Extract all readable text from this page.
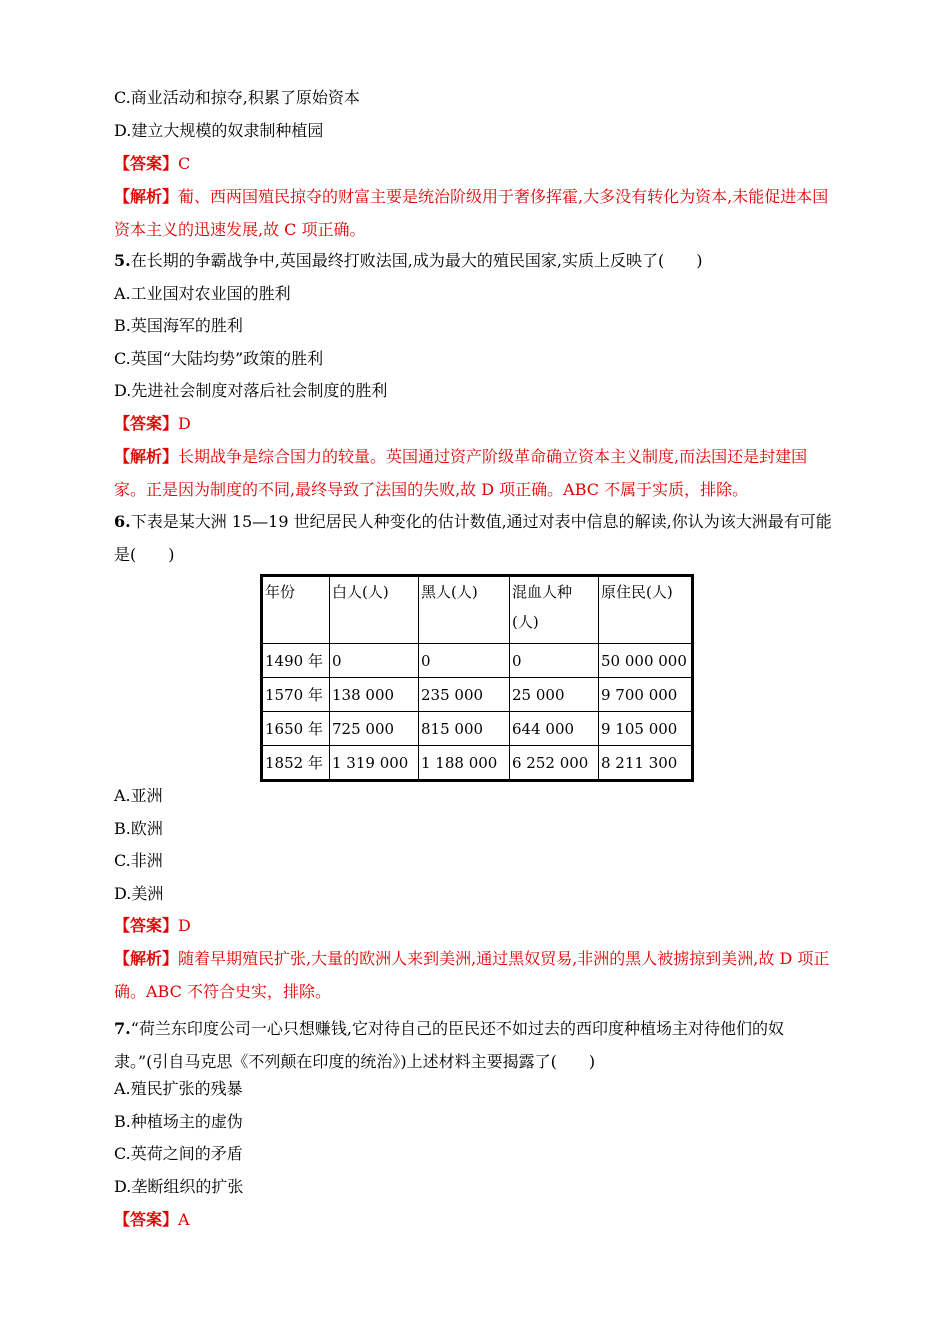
C.商业活动和掠夺,积累了原始资本
D.建立大规模的奴隶制种植园
【答案】C
【解析】葡、西两国殖民掠夺的财富主要是统治阶级用于奢侈挥霍,大多没有转化为资本,未能促进本国资本主义的迅速发展,故 C 项正确。
5.在长期的争霸战争中,英国最终打败法国,成为最大的殖民国家,实质上反映了(　　)
A.工业国对农业国的胜利
B.英国海军的胜利
C.英国“大陆均势”政策的胜利
D.先进社会制度对落后社会制度的胜利
【答案】D
【解析】长期战争是综合国力的较量。英国通过资产阶级革命确立资本主义制度,而法国还是封建国家。正是因为制度的不同,最终导致了法国的失败,故 D 项正确。ABC 不属于实质，排除。
6.下表是某大洲 15—19 世纪居民人种变化的估计数值,通过对表中信息的解读,你认为该大洲最有可能是(　　)
年份	白人(人)	黑人(人)	混血人种(人)	原住民(人)
1490 年	0	0	0	50 000 000
1570 年	138 000	235 000	25 000	9 700 000
1650 年	725 000	815 000	644 000	9 105 000
1852 年	1 319 000	1 188 000	6 252 000	8 211 300
A.亚洲
B.欧洲
C.非洲
D.美洲
【答案】D
【解析】随着早期殖民扩张,大量的欧洲人来到美洲,通过黑奴贸易,非洲的黑人被掳掠到美洲,故 D 项正确。ABC 不符合史实，排除。
7.“荷兰东印度公司一心只想赚钱,它对待自己的臣民还不如过去的西印度种植场主对待他们的奴隶。”(引自马克思《不列颠在印度的统治》)上述材料主要揭露了(　　)
A.殖民扩张的残暴
B.种植场主的虚伪
C.英荷之间的矛盾
D.垄断组织的扩张
【答案】A
